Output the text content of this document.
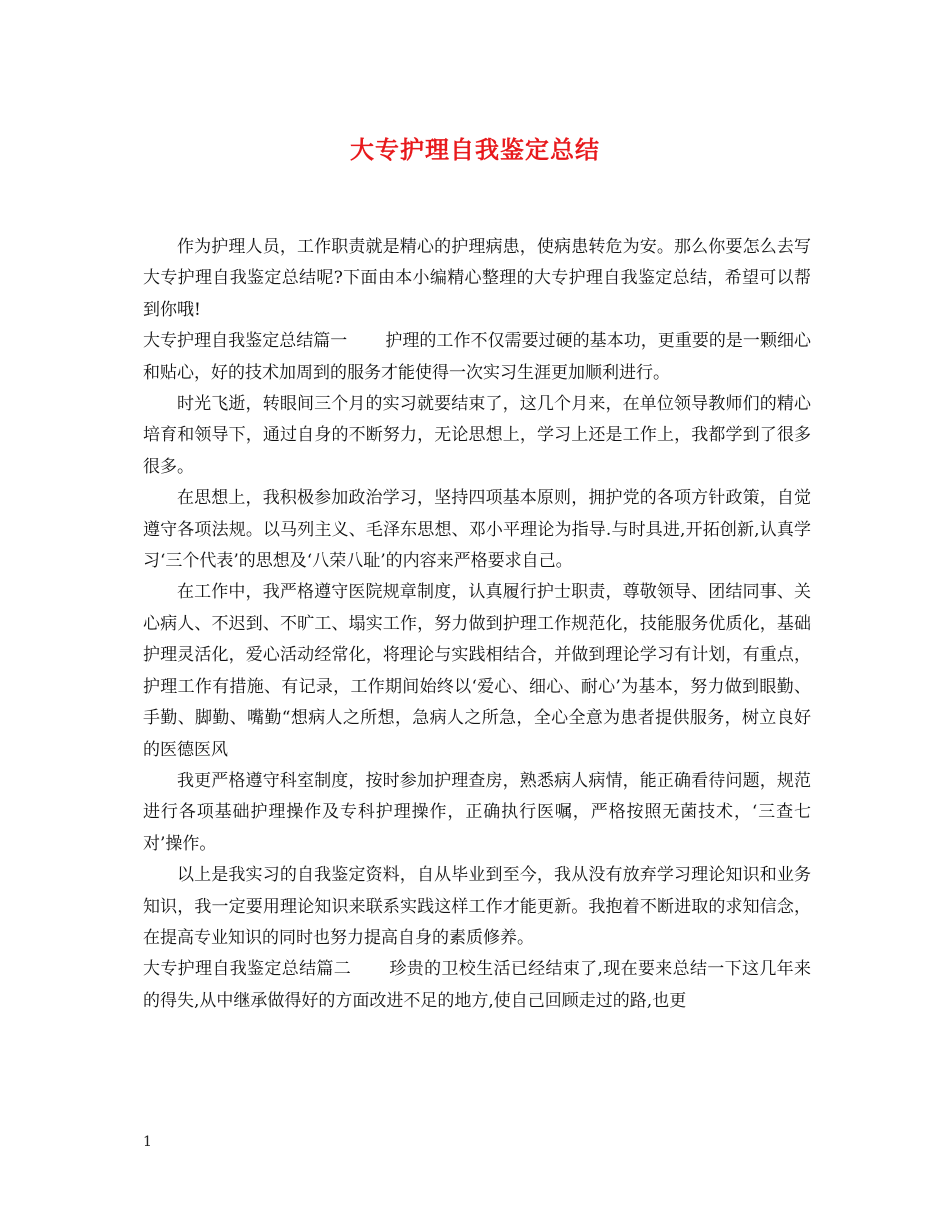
大专护理自我鉴定总结

作为护理人员，工作职责就是精心的护理病患，使病患转危为安。那么你要怎么去写大专护理自我鉴定总结呢?下面由本小编精心整理的大专护理自我鉴定总结，希望可以帮到你哦!

大专护理自我鉴定总结篇一 护理的工作不仅需要过硬的基本功，更重要的是一颗细心和贴心，好的技术加周到的服务才能使得一次实习生涯更加顺利进行。

时光飞逝，转眼间三个月的实习就要结束了，这几个月来，在单位领导教师们的精心培育和领导下，通过自身的不断努力，无论思想上，学习上还是工作上，我都学到了很多很多。

在思想上，我积极参加政治学习，坚持四项基本原则，拥护党的各项方针政策，自觉遵守各项法规。以马列主义、毛泽东思想、邓小平理论为指导.与时具进,开拓创新,认真学习‘三个代表’的思想及‘八荣八耻’的内容来严格要求自己。

在工作中，我严格遵守医院规章制度，认真履行护士职责，尊敬领导、团结同事、关心病人、不迟到、不旷工、塌实工作，努力做到护理工作规范化，技能服务优质化，基础护理灵活化，爱心活动经常化，将理论与实践相结合，并做到理论学习有计划，有重点，护理工作有措施、有记录，工作期间始终以‘爱心、细心、耐心’为基本，努力做到眼勤、手勤、脚勤、嘴勤“想病人之所想，急病人之所急，全心全意为患者提供服务，树立良好的医德医风

我更严格遵守科室制度，按时参加护理查房，熟悉病人病情，能正确看待问题，规范进行各项基础护理操作及专科护理操作，正确执行医嘱，严格按照无菌技术，‘三查七对’操作。

以上是我实习的自我鉴定资料，自从毕业到至今，我从没有放弃学习理论知识和业务知识，我一定要用理论知识来联系实践这样工作才能更新。我抱着不断进取的求知信念，在提高专业知识的同时也努力提高自身的素质修养。

大专护理自我鉴定总结篇二 珍贵的卫校生活已经结束了,现在要来总结一下这几年来的得失,从中继承做得好的方面改进不足的地方,使自己回顾走过的路,也更

1
